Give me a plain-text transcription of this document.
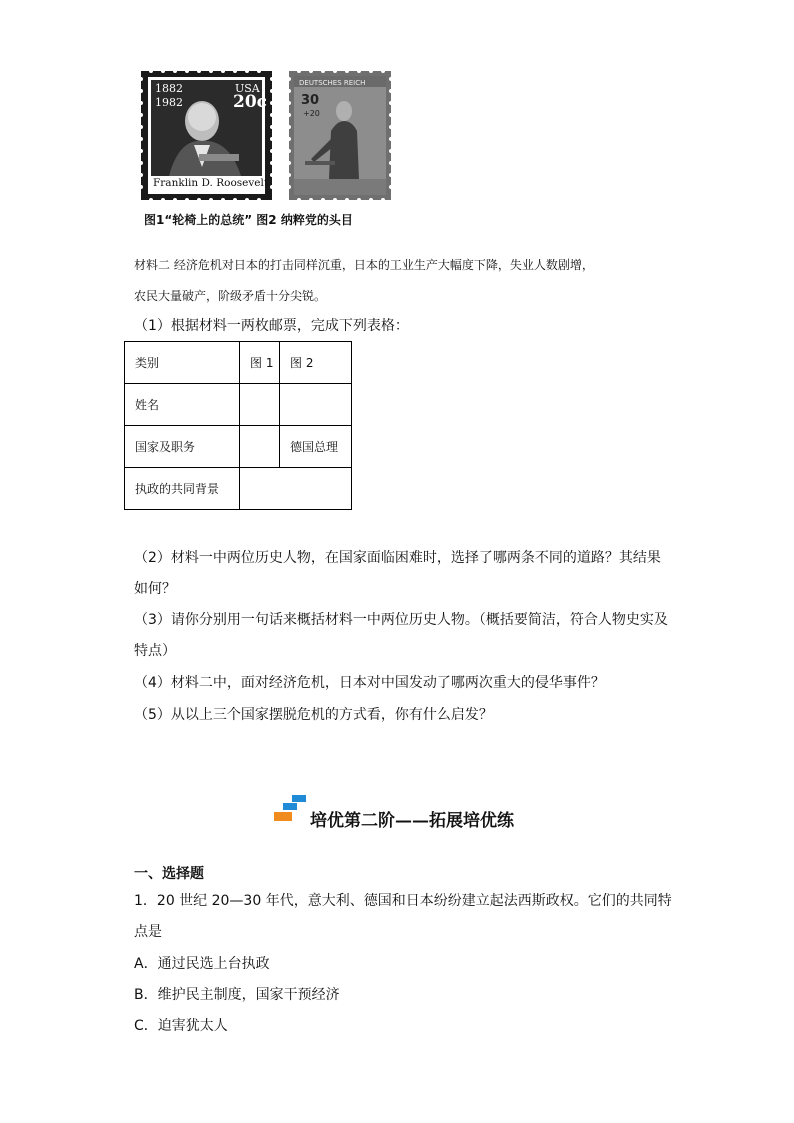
1882
1982
USA
20c
Franklin D. Roosevelt
DEUTSCHES REICH
30
+20
图1“轮椅上的总统” 图2 纳粹党的头目
材料二 经济危机对日本的打击同样沉重，日本的工业生产大幅度下降，失业人数剧增，
农民大量破产，阶级矛盾十分尖锐。
（1）根据材料一两枚邮票，完成下列表格：
类别	图 1	图 2
姓名		
国家及职务		德国总理
执政的共同背景		
（2）材料一中两位历史人物，在国家面临困难时，选择了哪两条不同的道路？其结果
如何？
（3）请你分别用一句话来概括材料一中两位历史人物。（概括要简洁，符合人物史实及
特点）
（4）材料二中，面对经济危机，日本对中国发动了哪两次重大的侵华事件？
（5）从以上三个国家摆脱危机的方式看，你有什么启发？
培优第二阶——拓展培优练
一、选择题
1．20 世纪 20—30 年代，意大利、德国和日本纷纷建立起法西斯政权。它们的共同特
点是
A．通过民选上台执政
B．维护民主制度，国家干预经济
C．迫害犹太人
